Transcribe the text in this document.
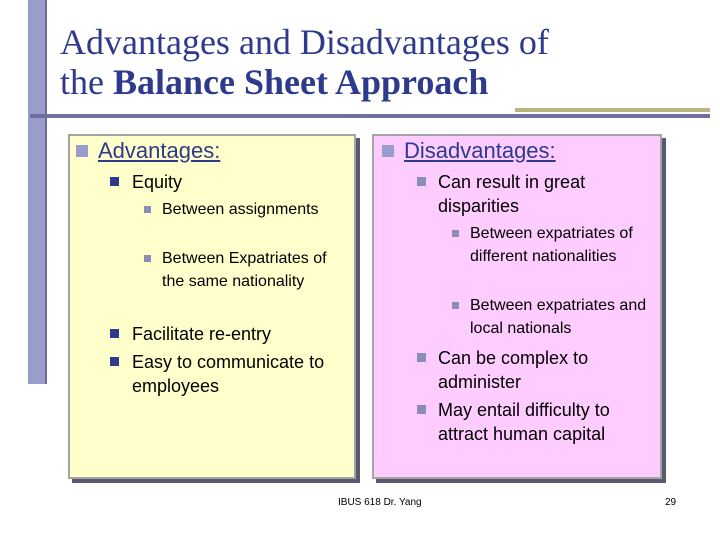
Advantages and Disadvantages of
the Balance Sheet Approach
Advantages:
Equity
Between assignments
Between Expatriates of the same nationality
Facilitate re-entry
Easy to communicate to employees
Disadvantages:
Can result in great disparities
Between expatriates of different nationalities
Between expatriates and local nationals
Can be complex to administer
May entail difficulty to attract human capital
IBUS 618 Dr. Yang	29
